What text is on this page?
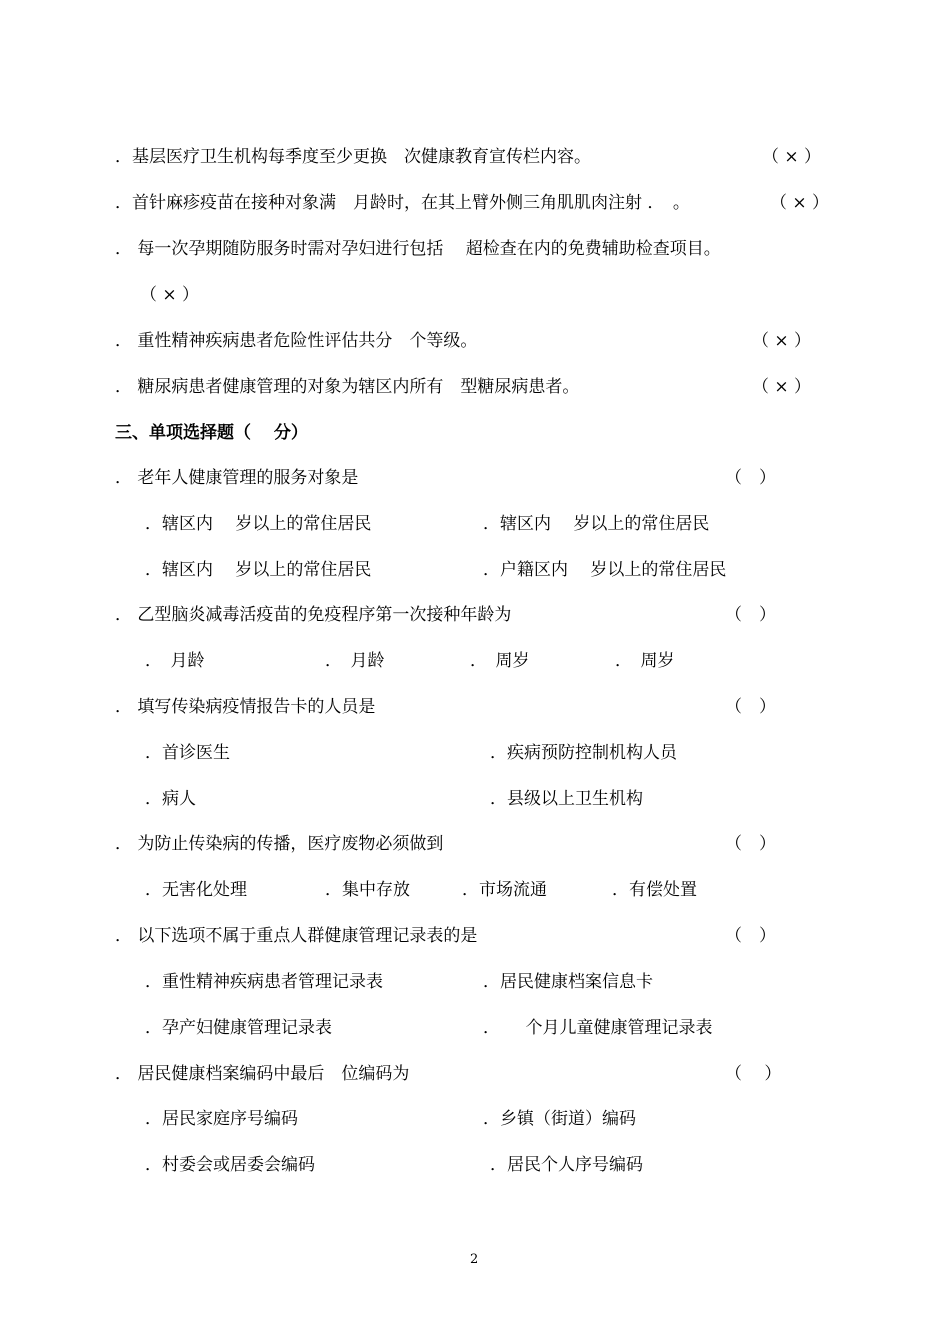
．基层医疗卫生机构每季度至少更换　次健康教育宣传栏内容。	（ × ）
．首针麻疹疫苗在接种对象满　月龄时，在其上臂外侧三角肌肌肉注射 ．　。	（ × ）
． 每一次孕期随防服务时需对孕妇进行包括　 超检查在内的免费辅助检查项目。
（ × ）
． 重性精神疾病患者危险性评估共分　个等级。	（ × ）
． 糖尿病患者健康管理的对象为辖区内所有　型糖尿病患者。	（ × ）
三、单项选择题（　 分）
． 老年人健康管理的服务对象是	（　）
．辖区内　 岁以上的常住居民	．辖区内　 岁以上的常住居民
．辖区内　 岁以上的常住居民	．户籍区内　 岁以上的常住居民
． 乙型脑炎减毒活疫苗的免疫程序第一次接种年龄为	（　）
．　月龄	．　月龄	．　周岁	．　周岁
． 填写传染病疫情报告卡的人员是	（　）
．首诊医生	．疾病预防控制机构人员
．病人	．县级以上卫生机构
． 为防止传染病的传播，医疗废物必须做到	（　）
．无害化处理	．集中存放	．市场流通	．有偿处置
． 以下选项不属于重点人群健康管理记录表的是	（　）
．重性精神疾病患者管理记录表	．居民健康档案信息卡
．孕产妇健康管理记录表	．　　个月儿童健康管理记录表
． 居民健康档案编码中最后　位编码为	（　 ）
．居民家庭序号编码	．乡镇（街道）编码
．村委会或居委会编码	．居民个人序号编码
2
